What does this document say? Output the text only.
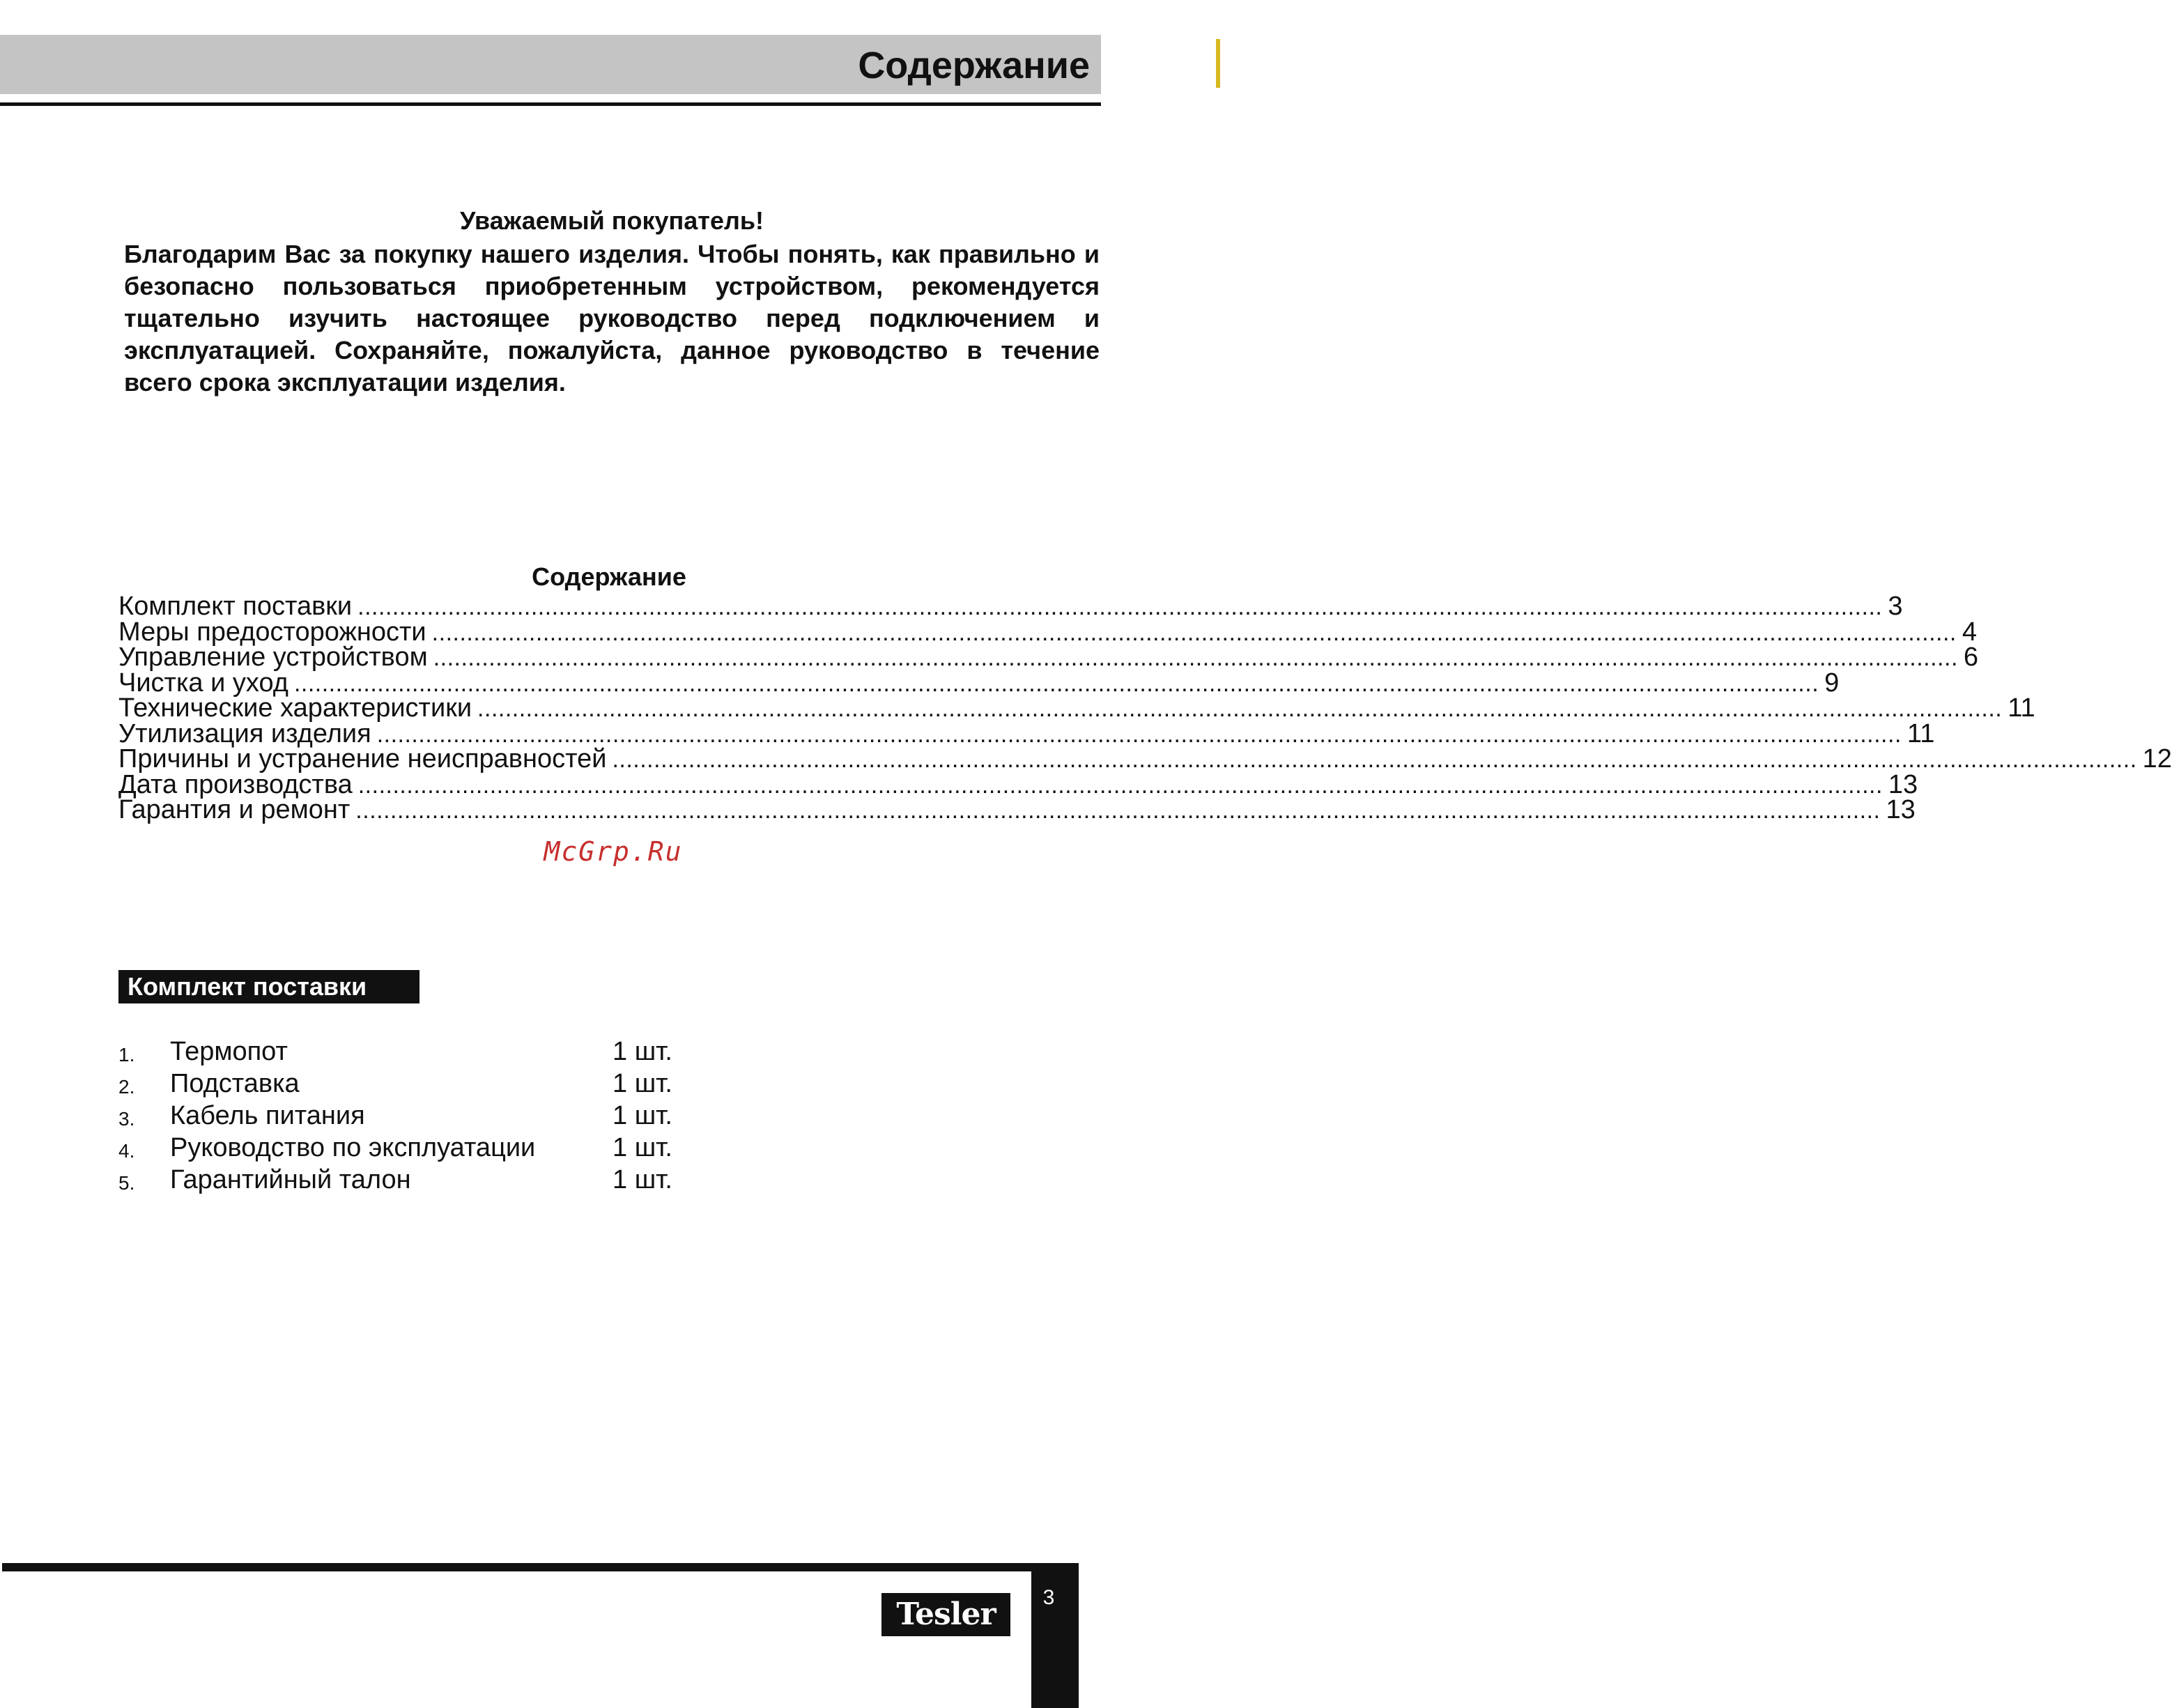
Содержание
Уважаемый покупатель!
Благодарим Вас за покупку нашего изделия. Чтобы понять, как правильно и безопасно пользоваться приобретенным устройством, рекомендуется тщательно изучить настоящее руководство перед подключением и эксплуатацией. Сохраняйте, пожалуйста, данное руководство в течение всего срока эксплуатации изделия.
Содержание
Комплект поставки ............................................................................................................................................................................................................................ 3
Меры предосторожности ............................................................................................................................................................................................................................ 4
Управление устройством ............................................................................................................................................................................................................................ 6
Чистка и уход ............................................................................................................................................................................................................................ 9
Технические характеристики ............................................................................................................................................................................................................................ 11
Утилизация изделия ............................................................................................................................................................................................................................ 11
Причины и устранение неисправностей ............................................................................................................................................................................................................................ 12
Дата производства ............................................................................................................................................................................................................................ 13
Гарантия и ремонт ............................................................................................................................................................................................................................ 13
McGrp.Ru
Комплект поставки
1. Термопот	1 шт.
2. Подставка	1 шт.
3. Кабель питания	1 шт.
4. Руководство по эксплуатации	1 шт.
5. Гарантийный талон	1 шт.
3
Tesler
